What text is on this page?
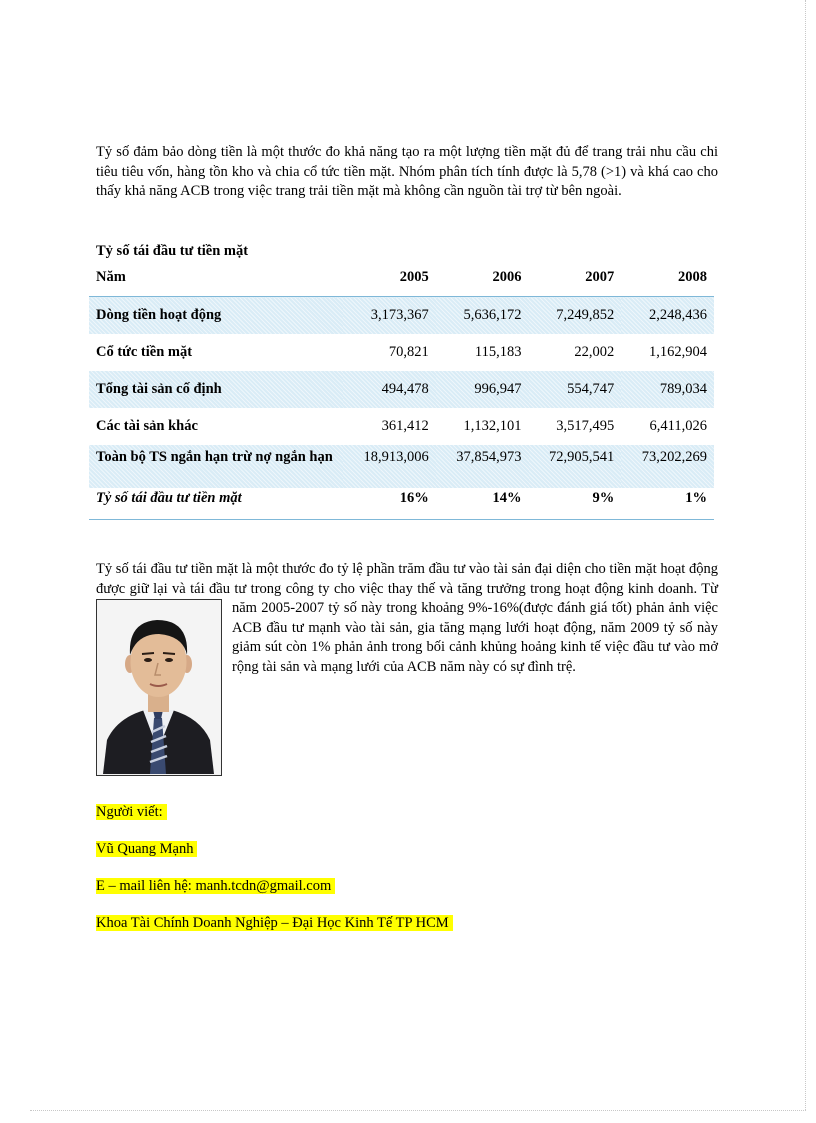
Tỷ số đảm bảo dòng tiền là một thước đo khả năng tạo ra một lượng tiền mặt đủ để trang trải nhu cầu chi tiêu tiêu vốn, hàng tồn kho và chia cổ tức tiền mặt. Nhóm phân tích tính được là 5,78 (>1) và khá cao cho thấy khả năng ACB trong việc trang trải tiền mặt mà không cần nguồn tài trợ từ bên ngoài.

Tỷ số tái đầu tư tiền mặt
Năm	2005	2006	2007	2008
Dòng tiền hoạt động	3,173,367	5,636,172	7,249,852	2,248,436
Cổ tức tiền mặt	70,821	115,183	22,002	1,162,904
Tổng tài sản cố định	494,478	996,947	554,747	789,034
Các tài sản khác	361,412	1,132,101	3,517,495	6,411,026
Toàn bộ TS ngắn hạn trừ nợ ngắn hạn	18,913,006	37,854,973	72,905,541	73,202,269
Tỷ số tái đầu tư tiền mặt	16%	14%	9%	1%

Tỷ số tái đầu tư tiền mặt là một thước đo tỷ lệ phần trăm đầu tư vào tài sản đại diện cho tiền mặt hoạt động được giữ lại và tái đầu tư trong công ty cho việc thay thế và tăng trưởng trong hoạt động kinh doanh. Từ năm 2005-2007 tỷ số này trong khoảng 9%-16%(được đánh giá tốt) phản ảnh việc ACB đầu tư mạnh vào tài sản, gia tăng mạng lưới hoạt động, năm 2009 tỷ số này giảm sút còn 1% phản ảnh trong bối cảnh khủng hoảng kinh tế việc đầu tư vào mở rộng tài sản và mạng lưới của ACB năm này có sự đình trệ.

Người viết:
Vũ Quang Mạnh
E – mail liên hệ: manh.tcdn@gmail.com
Khoa Tài Chính Doanh Nghiệp – Đại Học Kinh Tế TP HCM
